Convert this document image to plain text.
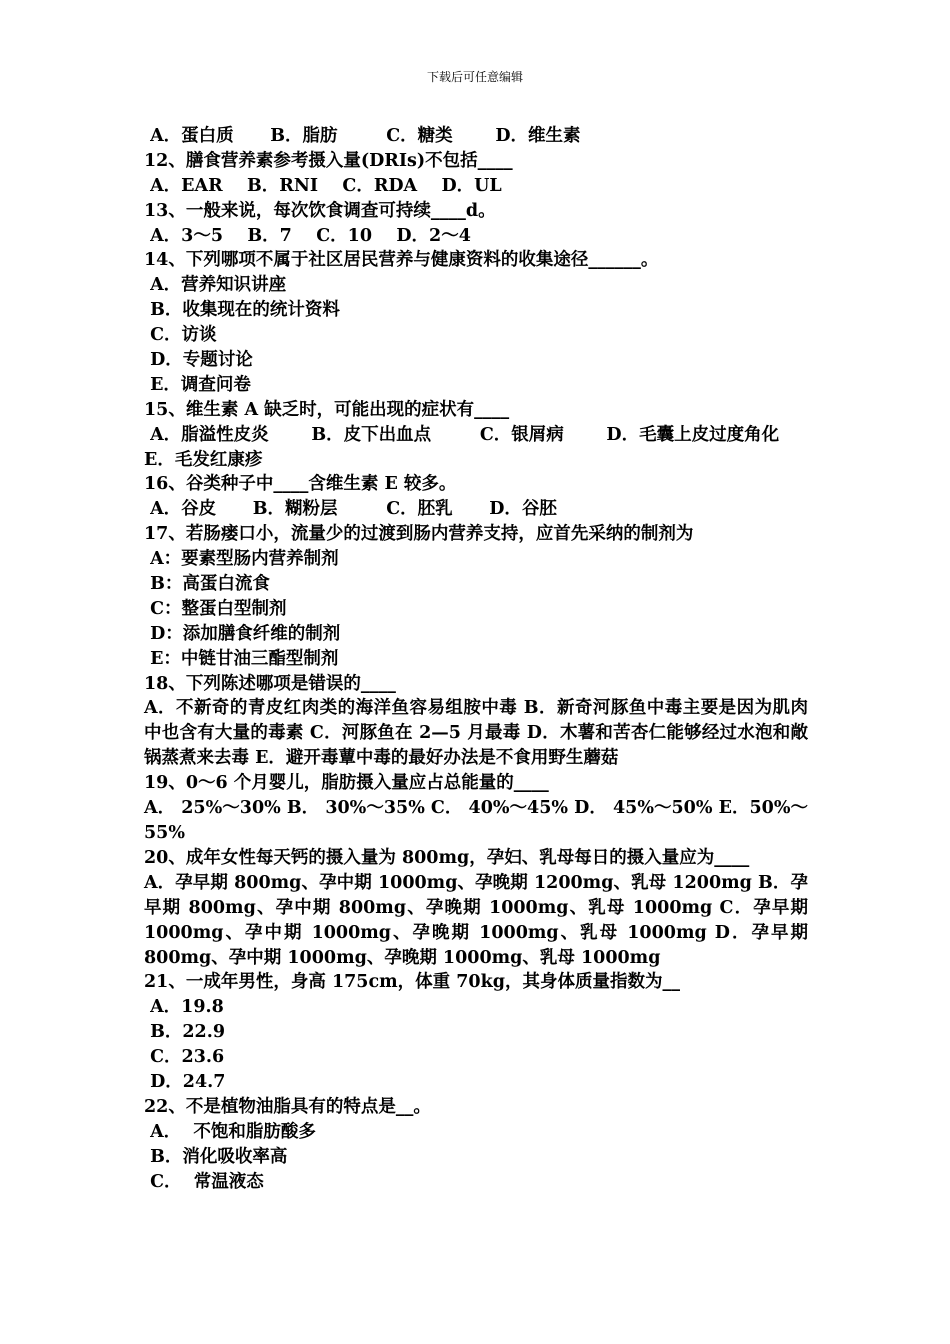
下载后可任意编辑
A．蛋白质      B．脂肪        C．糖类       D．维生素
12、膳食营养素参考摄入量(DRIs)不包括____
A．EAR    B．RNI    C．RDA    D．UL
13、一般来说，每次饮食调查可持续____d。
A．3～5    B．7    C．10    D．2～4
14、下列哪项不属于社区居民营养与健康资料的收集途径______。
A．营养知识讲座
B．收集现在的统计资料
C．访谈
D．专题讨论
E．调查问卷
15、维生素 A 缺乏时，可能出现的症状有____
A．脂溢性皮炎       B．皮下出血点        C．银屑病       D．毛囊上皮过度角化
E．毛发红康疹
16、谷类种子中____含维生素 E 较多。
A．谷皮      B．糊粉层        C．胚乳      D．谷胚
17、若肠瘘口小，流量少的过渡到肠内营养支持，应首先采纳的制剂为
A：要素型肠内营养制剂
B：高蛋白流食
C：整蛋白型制剂
D：添加膳食纤维的制剂
E：中链甘油三酯型制剂
18、下列陈述哪项是错误的____
A．不新奇的青皮红肉类的海洋鱼容易组胺中毒 B．新奇河豚鱼中毒主要是因为肌肉中也含有大量的毒素 C．河豚鱼在 2—5 月最毒 D．木薯和苦杏仁能够经过水泡和敞锅蒸煮来去毒 E．避开毒蕈中毒的最好办法是不食用野生蘑菇
19、0～6 个月婴儿，脂肪摄入量应占总能量的____
A． 25%～30% B． 30%～35% C． 40%～45% D． 45%～50% E．50%～55%
20、成年女性每天钙的摄入量为 800mg，孕妇、乳母每日的摄入量应为____
A．孕早期 800mg、孕中期 1000mg、孕晚期 1200mg、乳母 1200mg B．孕早期 800mg、孕中期 800mg、孕晚期 1000mg、乳母 1000mg C．孕早期 1000mg、孕中期 1000mg、孕晚期 1000mg、乳母 1000mg D．孕早期 800mg、孕中期 1000mg、孕晚期 1000mg、乳母 1000mg
21、一成年男性，身高 175cm，体重 70kg，其身体质量指数为__
A．19.8
B．22.9
C．23.6
D．24.7
22、不是植物油脂具有的特点是__。
A．  不饱和脂肪酸多
B．消化吸收率高
C．  常温液态
